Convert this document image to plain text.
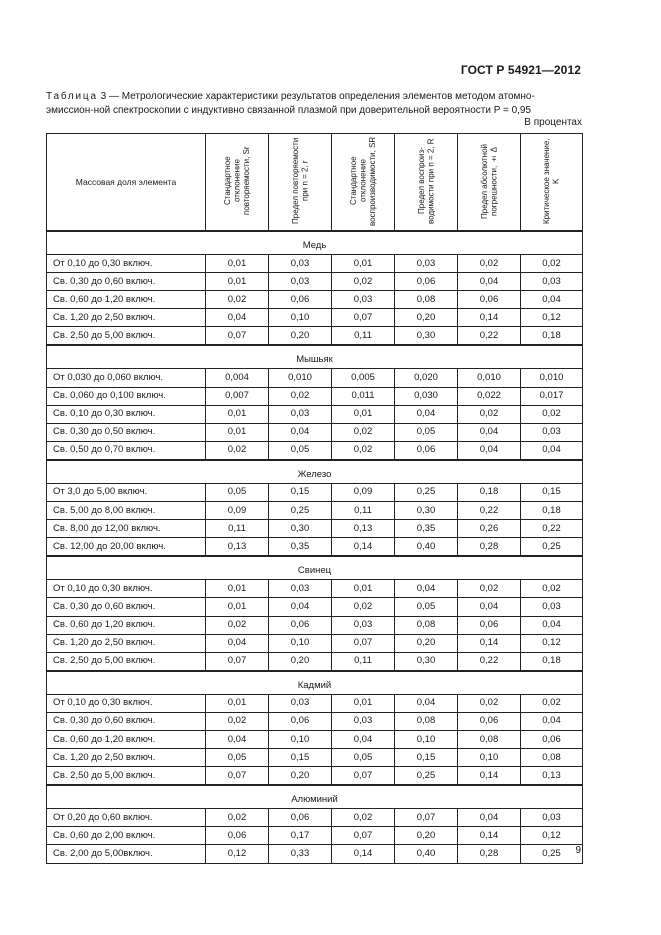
ГОСТ Р 54921—2012
Таблица 3 — Метрологические характеристики результатов определения элементов методом атомно-эмиссион-ной спектроскопии с индуктивно связанной плазмой при доверительной вероятности P = 0,95
В процентах
Массовая доля элемента	Стандартное отклонение повторяемости, Sr	Предел повторяемости при n = 2, r	Стандартное отклонение воспроизводимости, SR	Предел воспроиз-водимости при n = 2, R	Предел абсолютной погрешности, ± Δ	Критическое значение, K

Медь						
От 0,10 до 0,30 включ.	0,01	0,03	0,01	0,03	0,02	0,02
Св. 0,30 до 0,60 включ.	0,01	0,03	0,02	0,06	0,04	0,03
Св. 0,60 до 1,20 включ.	0,02	0,06	0,03	0,08	0,06	0,04
Св. 1,20 до 2,50 включ.	0,04	0,10	0,07	0,20	0,14	0,12
Св. 2,50 до 5,00 включ.	0,07	0,20	0,11	0,30	0,22	0,18

Мышьяк						
От 0,030 до 0,060 включ.	0,004	0,010	0,005	0,020	0,010	0,010
Св. 0,060 до 0,100 включ.	0,007	0,02	0,011	0,030	0,022	0,017
Св. 0,10 до 0,30 включ.	0,01	0,03	0,01	0,04	0,02	0,02
Св. 0,30 до 0,50 включ.	0,01	0,04	0,02	0,05	0,04	0,03
Св. 0,50 до 0,70 включ.	0,02	0,05	0,02	0,06	0,04	0,04

Железо						
От 3,0 до 5,00 включ.	0,05	0,15	0,09	0,25	0,18	0,15
Св. 5,00 до 8,00 включ.	0,09	0,25	0,11	0,30	0,22	0,18
Св. 8,00 до 12,00 включ.	0,11	0,30	0,13	0,35	0,26	0,22
Св. 12,00 до 20,00 включ.	0,13	0,35	0,14	0,40	0,28	0,25

Свинец						
От 0,10 до 0,30 включ.	0,01	0,03	0,01	0,04	0,02	0,02
Св. 0,30 до 0,60 включ.	0,01	0,04	0,02	0,05	0,04	0,03
Св. 0,60 до 1,20 включ.	0,02	0,06	0,03	0,08	0,06	0,04
Св. 1,20 до 2,50 включ.	0,04	0,10	0,07	0,20	0,14	0,12
Св. 2,50 до 5,00 включ.	0,07	0,20	0,11	0,30	0,22	0,18

Кадмий						
От 0,10 до 0,30 включ.	0,01	0,03	0,01	0,04	0,02	0,02
Св. 0,30 до 0,60 включ.	0,02	0,06	0,03	0,08	0,06	0,04
Св. 0,60 до 1,20 включ.	0,04	0,10	0,04	0,10	0,08	0,06
Св. 1,20 до 2,50 включ.	0,05	0,15	0,05	0,15	0,10	0,08
Св. 2,50 до 5,00 включ.	0,07	0,20	0,07	0,25	0,14	0,13

Алюминий						
От 0,20 до 0,60 включ.	0,02	0,06	0,02	0,07	0,04	0,03
Св. 0,60 до 2,00 включ.	0,06	0,17	0,07	0,20	0,14	0,12
Св. 2,00 до 5,00включ.	0,12	0,33	0,14	0,40	0,28	0,25 9
